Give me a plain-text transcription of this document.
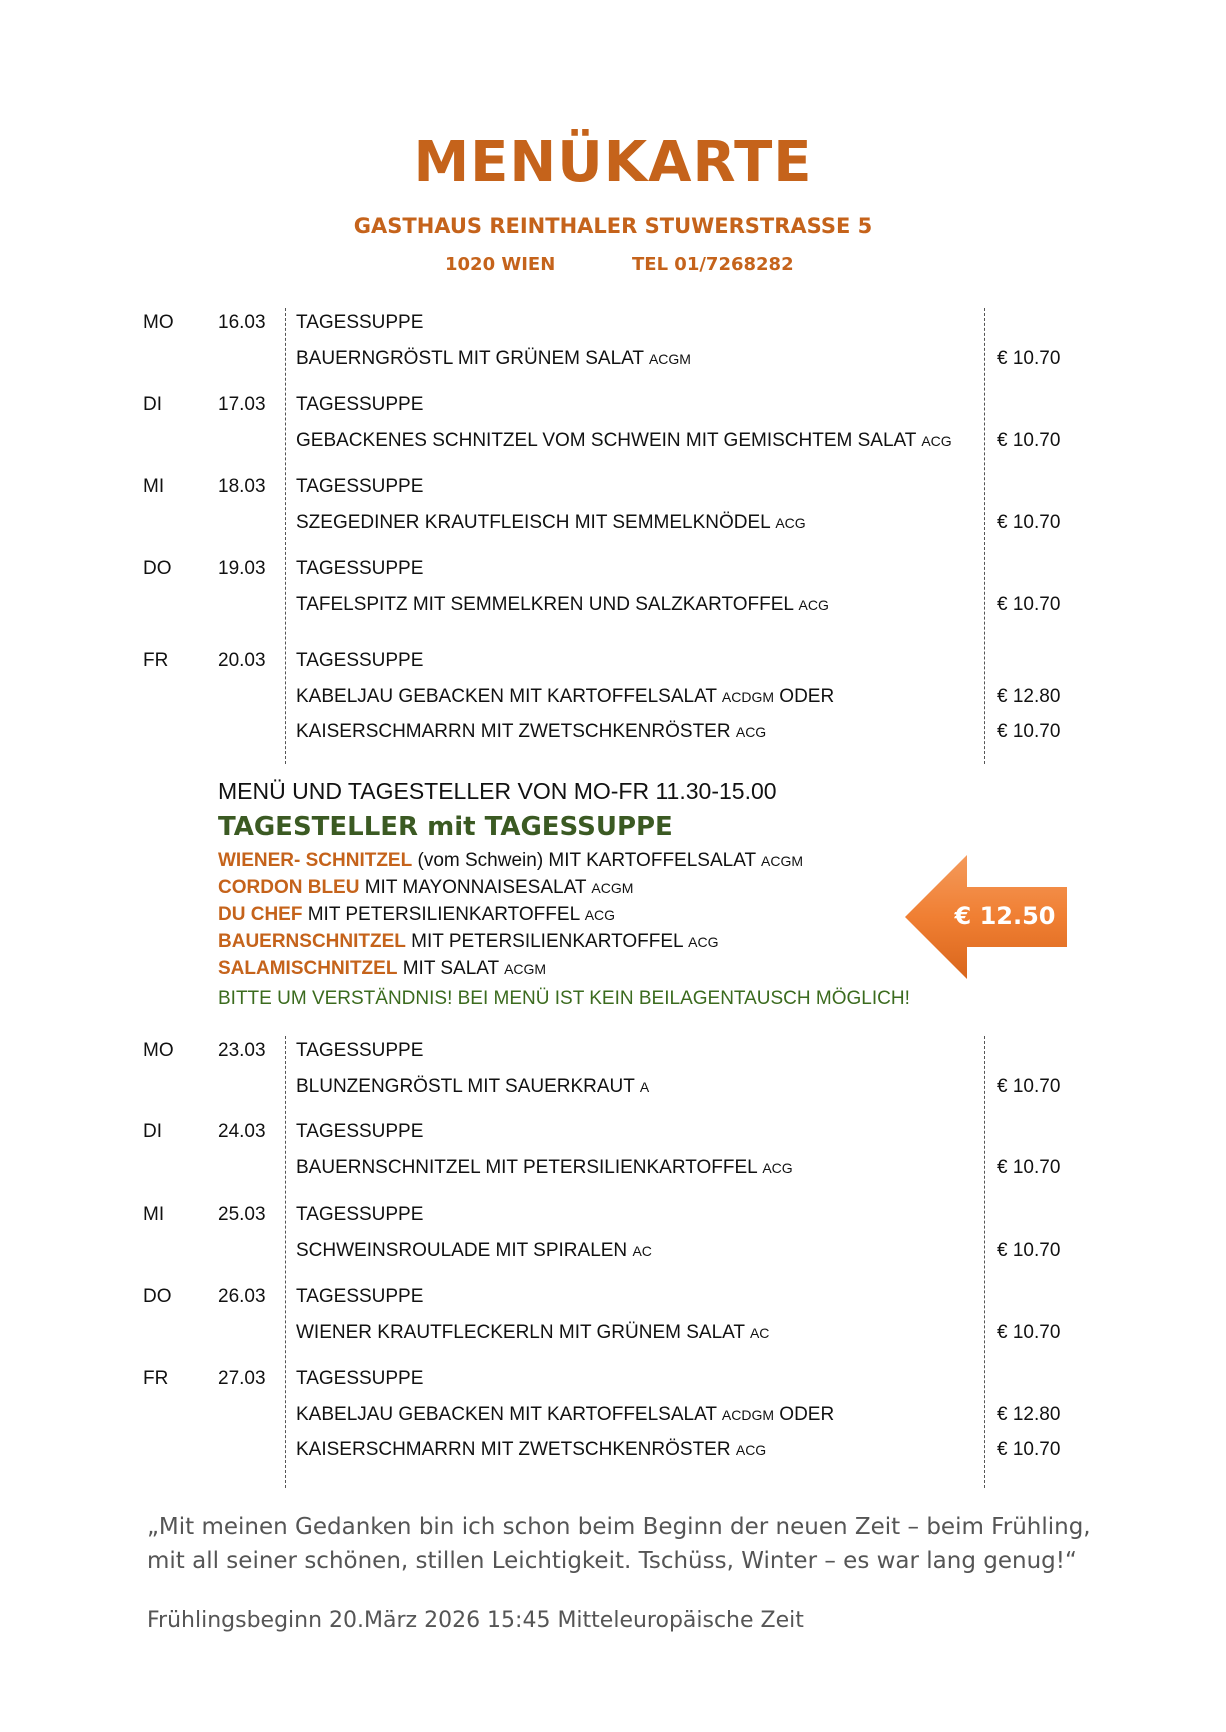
MENÜKARTE
GASTHAUS REINTHALER STUWERSTRASSE 5
1020 WIEN	TEL 01/7268282
MO 16.03 TAGESSUPPE
BAUERNGRÖSTL MIT GRÜNEM SALAT ACGM	€ 10.70
DI	17.03 TAGESSUPPE
GEBACKENES SCHNITZEL VOM SCHWEIN MIT GEMISCHTEM SALAT ACG € 10.70
MI	18.03 TAGESSUPPE
SZEGEDINER KRAUTFLEISCH MIT SEMMELKNÖDEL ACG	€ 10.70
DO 19.03 TAGESSUPPE
TAFELSPITZ MIT SEMMELKREN UND SALZKARTOFFEL ACG	€ 10.70
FR	20.03 TAGESSUPPE
KABELJAU GEBACKEN MIT KARTOFFELSALAT ACDGM ODER	€ 12.80
KAISERSCHMARRN MIT ZWETSCHKENRÖSTER ACG	€ 10.70
MENÜ UND TAGESTELLER VON MO-FR 11.30-15.00
TAGESTELLER mit TAGESSUPPE
WIENER- SCHNITZEL (vom Schwein) MIT KARTOFFELSALAT ACGM
CORDON BLEU MIT MAYONNAISESALAT ACGM
DU CHEF MIT PETERSILIENKARTOFFEL ACG
BAUERNSCHNITZEL MIT PETERSILIENKARTOFFEL ACG
SALAMISCHNITZEL MIT SALAT ACGM
BITTE UM VERSTÄNDNIS! BEI MENÜ IST KEIN BEILAGENTAUSCH MÖGLICH!
€ 12.50
MO 23.03 TAGESSUPPE
BLUNZENGRÖSTL MIT SAUERKRAUT A	€ 10.70
DI	24.03 TAGESSUPPE
BAUERNSCHNITZEL MIT PETERSILIENKARTOFFEL ACG	€ 10.70
MI	25.03 TAGESSUPPE
SCHWEINSROULADE MIT SPIRALEN AC	€ 10.70
DO 26.03 TAGESSUPPE
WIENER KRAUTFLECKERLN MIT GRÜNEM SALAT AC	€ 10.70
FR	27.03 TAGESSUPPE
KABELJAU GEBACKEN MIT KARTOFFELSALAT ACDGM ODER	€ 12.80
KAISERSCHMARRN MIT ZWETSCHKENRÖSTER ACG	€ 10.70
„Mit meinen Gedanken bin ich schon beim Beginn der neuen Zeit – beim Frühling, mit all seiner schönen, stillen Leichtigkeit. Tschüss, Winter – es war lang genug!“
Frühlingsbeginn 20.März 2026 15:45 Mitteleuropäische Zeit
